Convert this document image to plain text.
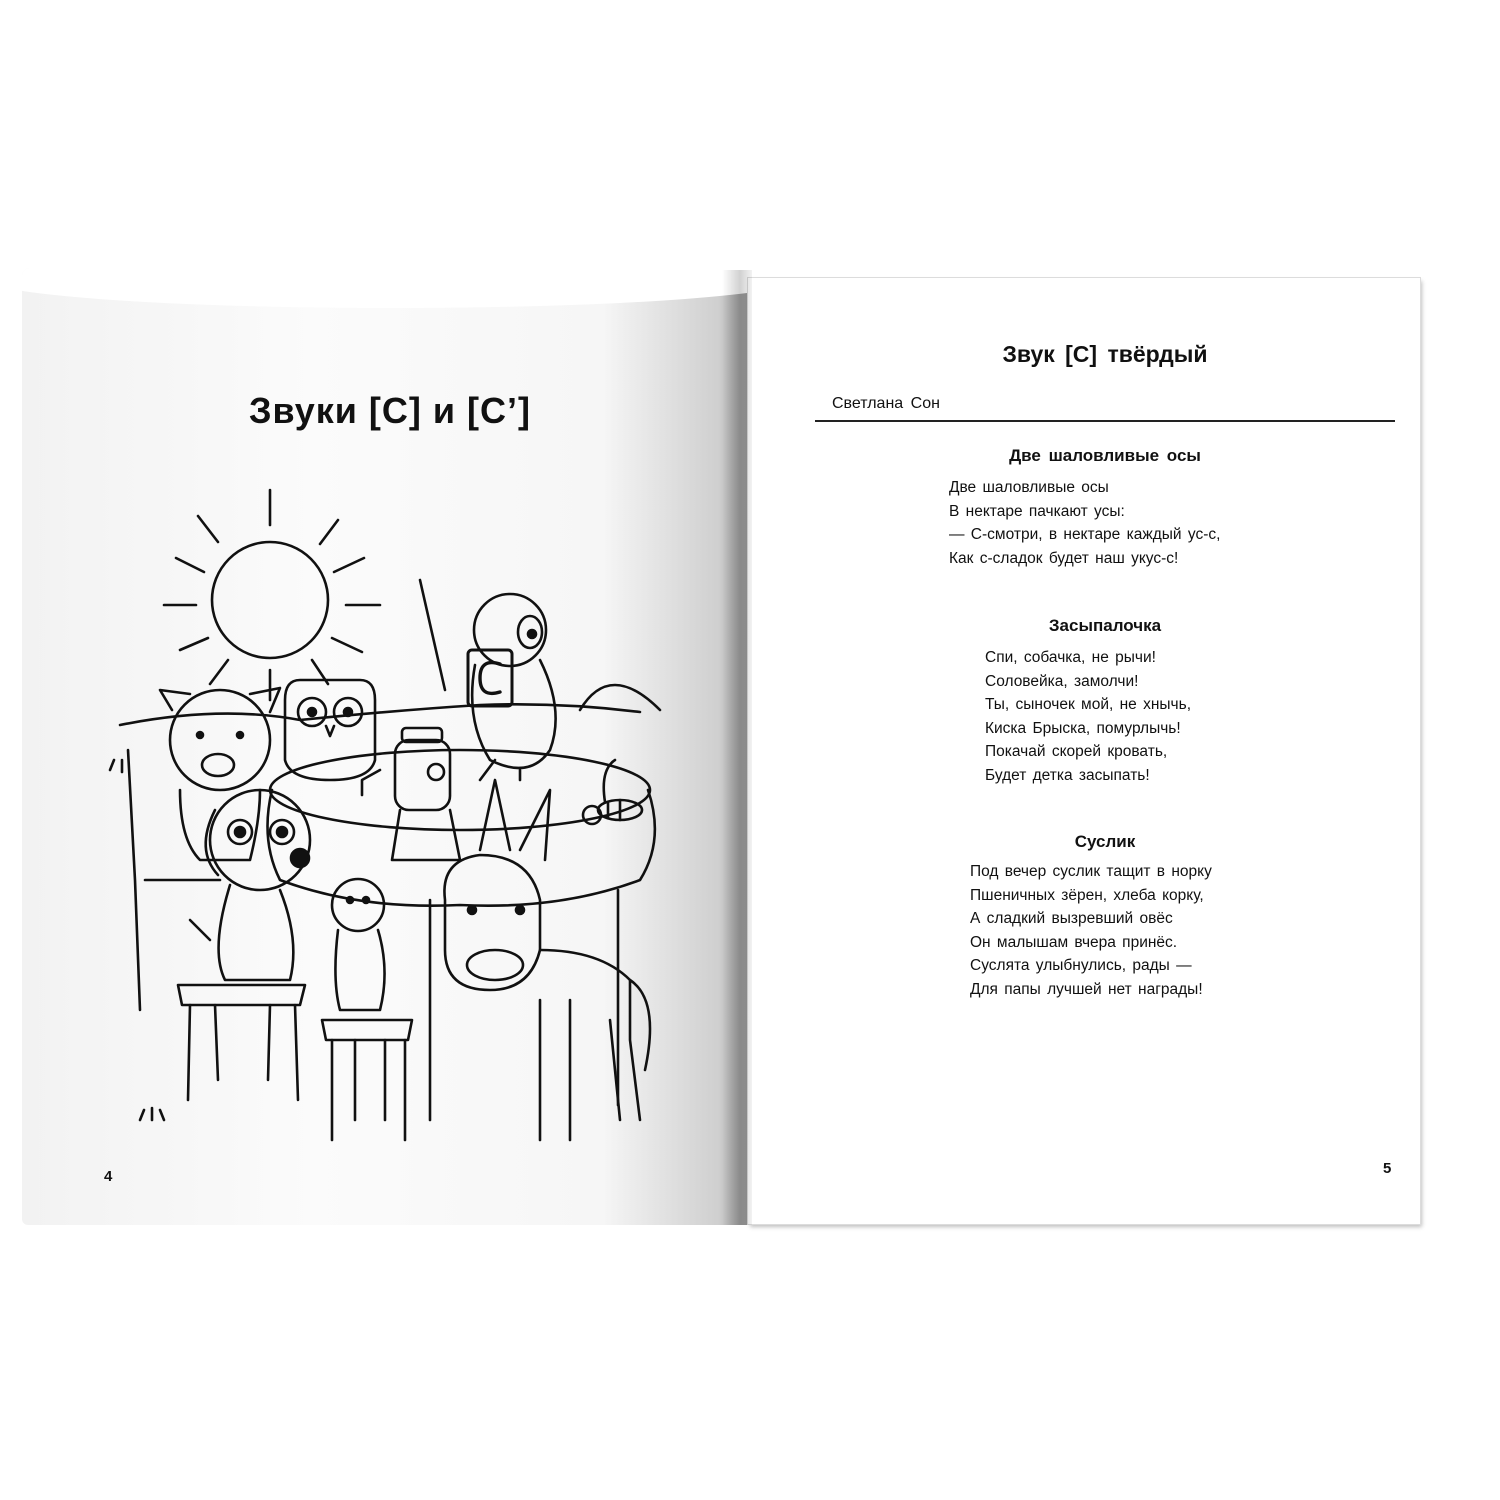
Звуки [С] и [С’]
4
Звук [С] твёрдый
Светлана Сон
Две шаловливые осы
Две шаловливые осы
В нектаре пачкают усы:
— С-смотри, в нектаре каждый ус-с,
Как с-сладок будет наш укус-с!
Засыпалочка
Спи, собачка, не рычи!
Соловейка, замолчи!
Ты, сыночек мой, не хнычь,
Киска Брыска, помурлычь!
Покачай скорей кровать,
Будет детка засыпать!
Суслик
Под вечер суслик тащит в норку
Пшеничных зёрен, хлеба корку,
А сладкий вызревший овёс
Он малышам вчера принёс.
Суслята улыбнулись, рады —
Для папы лучшей нет награды!
5
